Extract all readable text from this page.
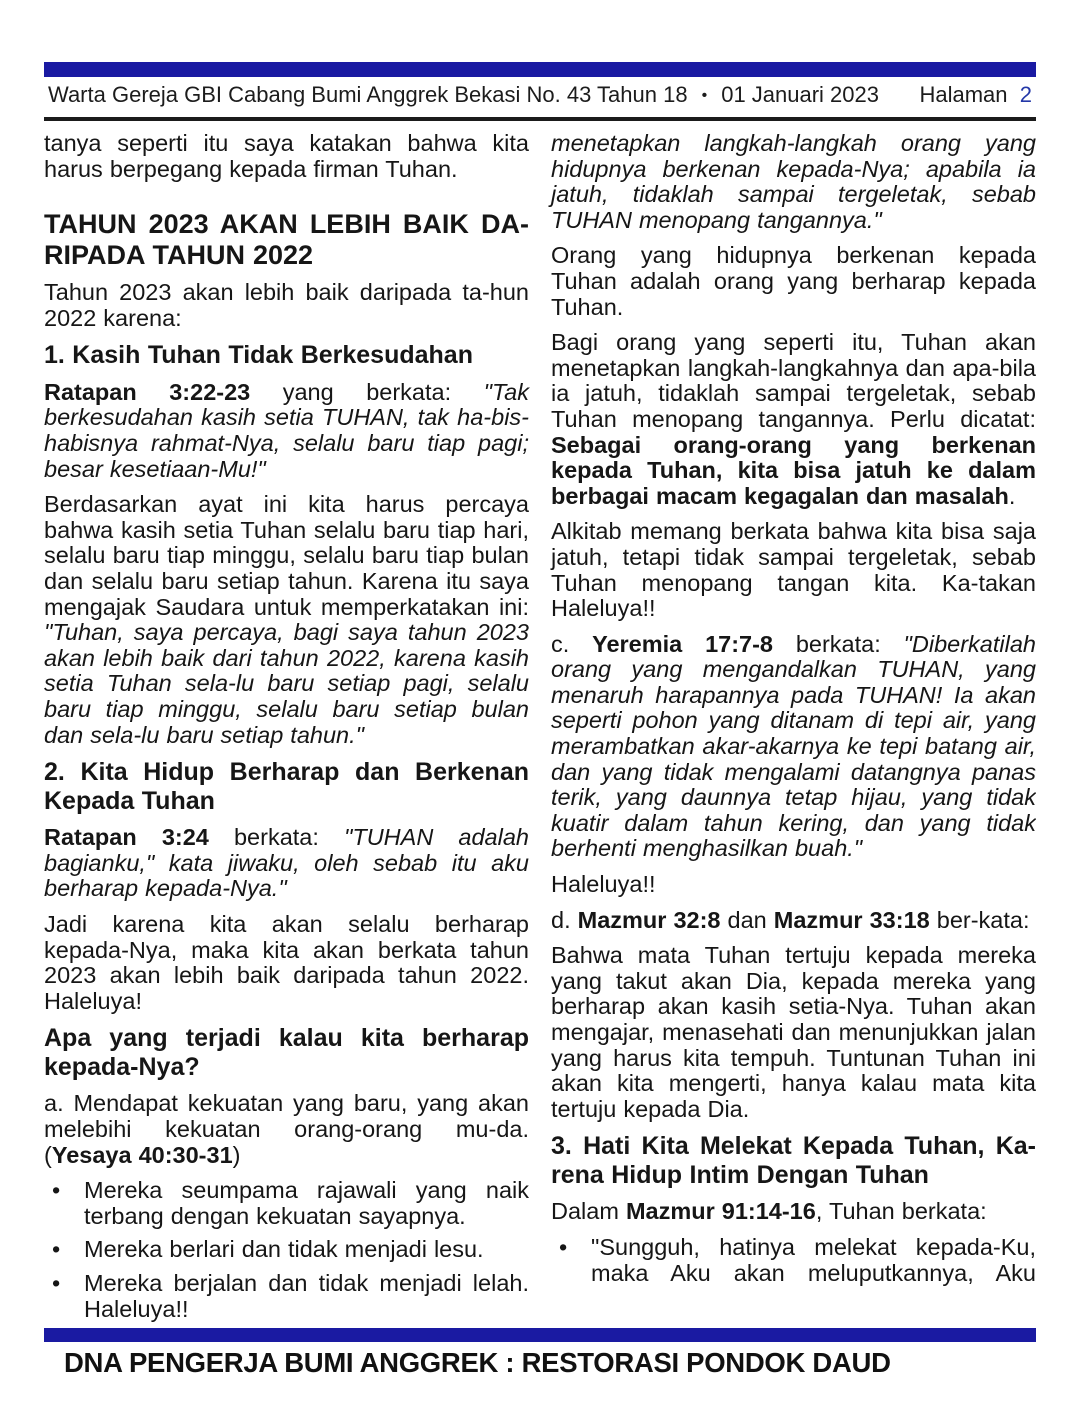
Warta Gereja GBI Cabang Bumi Anggrek Bekasi No. 43 Tahun 18 • 01 Januari 2023 Halaman 2
tanya seperti itu saya katakan bahwa kita harus berpegang kepada firman Tuhan.
TAHUN 2023 AKAN LEBIH BAIK DA-RIPADA TAHUN 2022
Tahun 2023 akan lebih baik daripada ta-hun 2022 karena:
1. Kasih Tuhan Tidak Berkesudahan
Ratapan 3:22-23 yang berkata: "Tak berkesudahan kasih setia TUHAN, tak ha-bis-habisnya rahmat-Nya, selalu baru tiap pagi; besar kesetiaan-Mu!"
Berdasarkan ayat ini kita harus percaya bahwa kasih setia Tuhan selalu baru tiap hari, selalu baru tiap minggu, selalu baru tiap bulan dan selalu baru setiap tahun. Karena itu saya mengajak Saudara untuk memperkatakan ini: "Tuhan, saya percaya, bagi saya tahun 2023 akan lebih baik dari tahun 2022, karena kasih setia Tuhan sela-lu baru setiap pagi, selalu baru tiap minggu, selalu baru setiap bulan dan sela-lu baru setiap tahun."
2. Kita Hidup Berharap dan Berkenan Kepada Tuhan
Ratapan 3:24 berkata: "TUHAN adalah bagianku," kata jiwaku, oleh sebab itu aku berharap kepada-Nya."
Jadi karena kita akan selalu berharap kepada-Nya, maka kita akan berkata tahun 2023 akan lebih baik daripada tahun 2022. Haleluya!
Apa yang terjadi kalau kita berharap kepada-Nya?
a. Mendapat kekuatan yang baru, yang akan melebihi kekuatan orang-orang mu-da. (Yesaya 40:30-31)
•	Mereka seumpama rajawali yang naik terbang dengan kekuatan sayapnya.
•	Mereka berlari dan tidak menjadi lesu.
•	Mereka berjalan dan tidak menjadi lelah. Haleluya!!
menetapkan langkah-langkah orang yang hidupnya berkenan kepada-Nya; apabila ia jatuh, tidaklah sampai tergeletak, sebab TUHAN menopang tangannya."
Orang yang hidupnya berkenan kepada Tuhan adalah orang yang berharap kepada Tuhan.
Bagi orang yang seperti itu, Tuhan akan menetapkan langkah-langkahnya dan apa-bila ia jatuh, tidaklah sampai tergeletak, sebab Tuhan menopang tangannya. Perlu dicatat: Sebagai orang-orang yang berkenan kepada Tuhan, kita bisa jatuh ke dalam berbagai macam kegagalan dan masalah.
Alkitab memang berkata bahwa kita bisa saja jatuh, tetapi tidak sampai tergeletak, sebab Tuhan menopang tangan kita. Ka-takan Haleluya!!
c. Yeremia 17:7-8 berkata: "Diberkatilah orang yang mengandalkan TUHAN, yang menaruh harapannya pada TUHAN! Ia akan seperti pohon yang ditanam di tepi air, yang merambatkan akar-akarnya ke tepi batang air, dan yang tidak mengalami datangnya panas terik, yang daunnya tetap hijau, yang tidak kuatir dalam tahun kering, dan yang tidak berhenti menghasilkan buah."
Haleluya!!
d. Mazmur 32:8 dan Mazmur 33:18 ber-kata:
Bahwa mata Tuhan tertuju kepada mereka yang takut akan Dia, kepada mereka yang berharap akan kasih setia-Nya. Tuhan akan mengajar, menasehati dan menunjukkan jalan yang harus kita tempuh. Tuntunan Tuhan ini akan kita mengerti, hanya kalau mata kita tertuju kepada Dia.
3. Hati Kita Melekat Kepada Tuhan, Ka-rena Hidup Intim Dengan Tuhan
Dalam Mazmur 91:14-16, Tuhan berkata:
•	"Sungguh, hatinya melekat kepada-Ku, maka Aku akan meluputkannya, Aku
DNA PENGERJA BUMI ANGGREK : RESTORASI PONDOK DAUD
